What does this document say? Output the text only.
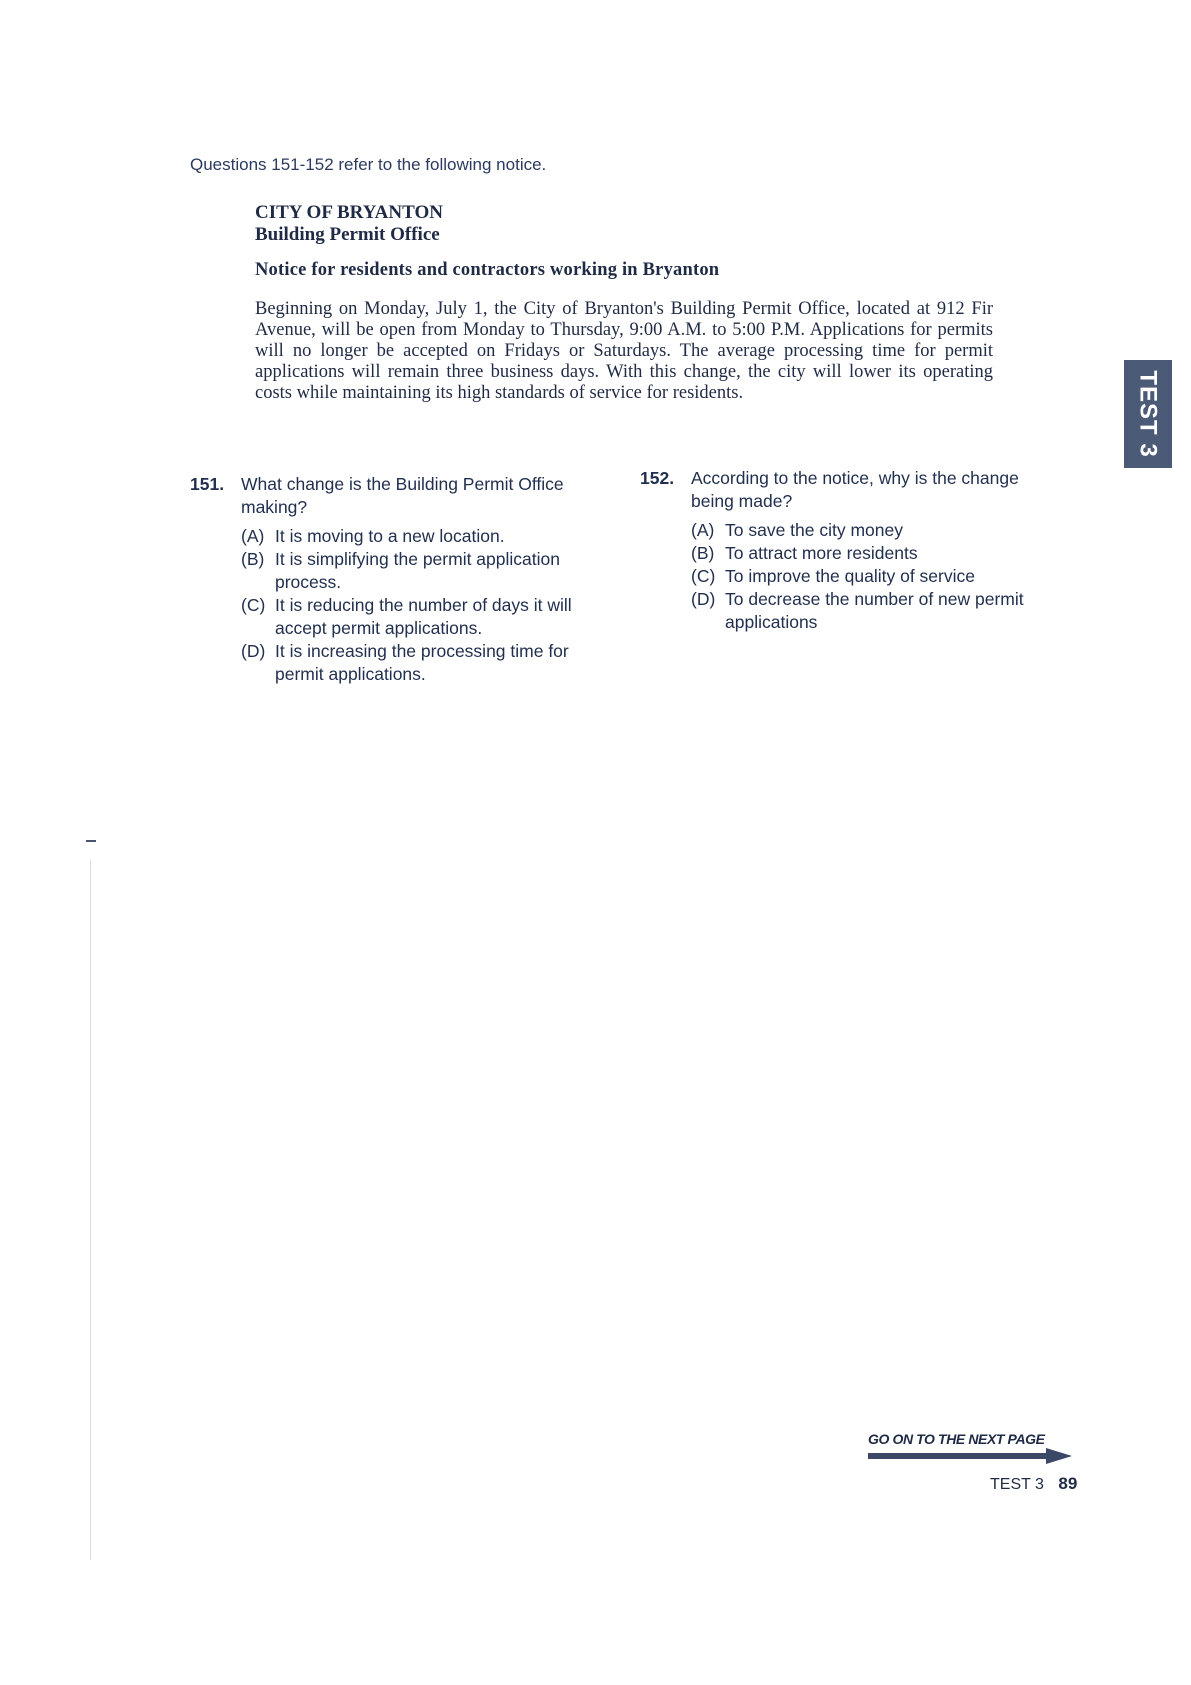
Questions 151-152 refer to the following notice.
CITY OF BRYANTON
Building Permit Office
Notice for residents and contractors working in Bryanton
Beginning on Monday, July 1, the City of Bryanton's Building Permit Office, located at 912 Fir Avenue, will be open from Monday to Thursday, 9:00 A.M. to 5:00 P.M. Applications for permits will no longer be accepted on Fridays or Saturdays. The average processing time for permit applications will remain three business days. With this change, the city will lower its operating costs while maintaining its high standards of service for residents.
151. What change is the Building Permit Office making?
(A) It is moving to a new location.
(B) It is simplifying the permit application process.
(C) It is reducing the number of days it will accept permit applications.
(D) It is increasing the processing time for permit applications.
152. According to the notice, why is the change being made?
(A) To save the city money
(B) To attract more residents
(C) To improve the quality of service
(D) To decrease the number of new permit applications
TEST 3
GO ON TO THE NEXT PAGE
TEST 3 89
